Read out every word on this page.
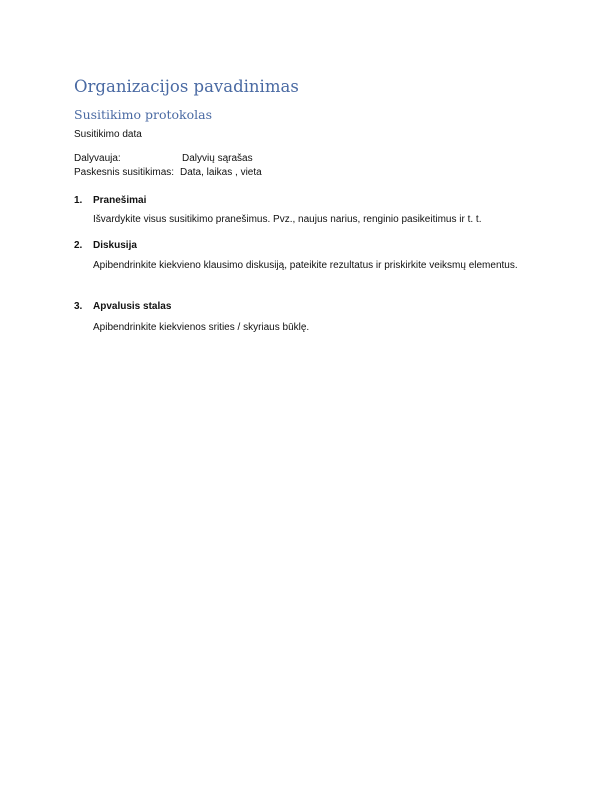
Organizacijos pavadinimas
Susitikimo protokolas
Susitikimo data
Dalyvauja:	Dalyvių sąrašas
Paskesnis susitikimas: Data, laikas , vieta
1. Pranešimai
Išvardykite visus susitikimo pranešimus. Pvz., naujus narius, renginio pasikeitimus ir t. t.
2. Diskusija
Apibendrinkite kiekvieno klausimo diskusiją, pateikite rezultatus ir priskirkite veiksmų elementus.
3. Apvalusis stalas
Apibendrinkite kiekvienos srities / skyriaus būklę.
